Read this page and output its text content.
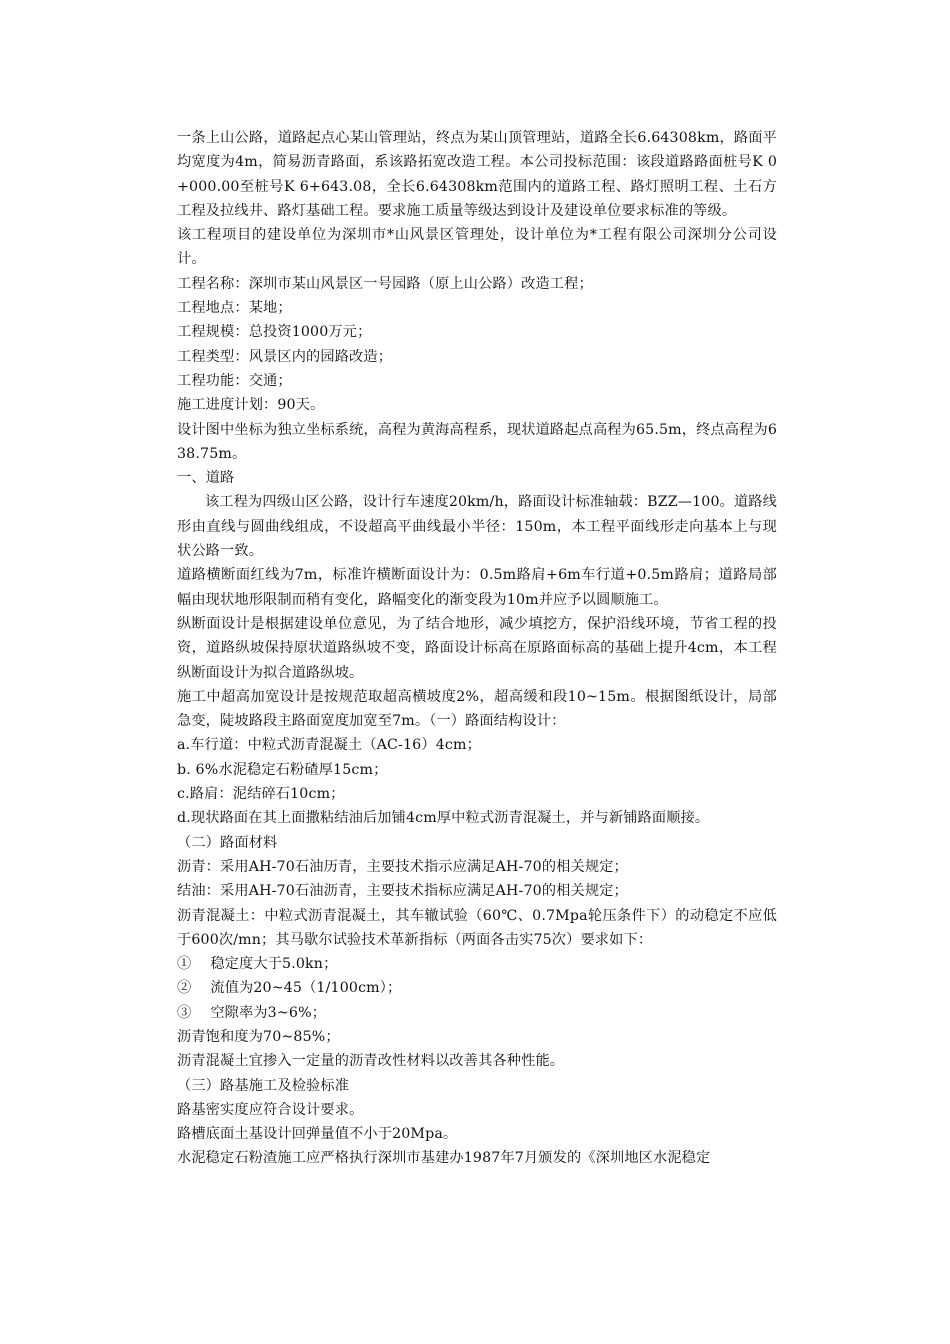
一条上山公路，道路起点心某山管理站，终点为某山顶管理站，道路全长6.64308km，路面平均宽度为4m，简易沥青路面，系该路拓宽改造工程。本公司投标范围：该段道路路面桩号K 0+000.00至桩号K 6+643.08，全长6.64308km范围内的道路工程、路灯照明工程、土石方工程及拉线井、路灯基础工程。要求施工质量等级达到设计及建设单位要求标准的等级。

该工程项目的建设单位为深圳市*山风景区管理处，设计单位为*工程有限公司深圳分公司设计。

工程名称：深圳市某山风景区一号园路（原上山公路）改造工程；

工程地点：某地；

工程规模：总投资1000万元；

工程类型：风景区内的园路改造；

工程功能：交通；

施工进度计划：90天。

设计图中坐标为独立坐标系统，高程为黄海高程系，现状道路起点高程为65.5m，终点高程为638.75m。

一、道路

该工程为四级山区公路，设计行车速度20km/h，路面设计标准轴载：BZZ—100。道路线形由直线与圆曲线组成，不设超高平曲线最小半径：150m，本工程平面线形走向基本上与现状公路一致。

道路横断面红线为7m，标准许横断面设计为：0.5m路肩+6m车行道+0.5m路肩；道路局部幅由现状地形限制而稍有变化，路幅变化的渐变段为10m并应予以圆顺施工。

纵断面设计是根据建设单位意见，为了结合地形，减少填挖方，保护沿线环境，节省工程的投资，道路纵坡保持原状道路纵坡不变，路面设计标高在原路面标高的基础上提升4cm，本工程纵断面设计为拟合道路纵坡。

施工中超高加宽设计是按规范取超高横坡度2%，超高缓和段10~15m。根据图纸设计，局部急变，陡坡路段主路面宽度加宽至7m。（一）路面结构设计：

a.车行道：中粒式沥青混凝土（AC-16）4cm；

b. 6%水泥稳定石粉碴厚15cm；

c.路肩：泥结碎石10cm；

d.现状路面在其上面撒粘结油后加铺4cm厚中粒式沥青混凝土，并与新铺路面顺接。

（二）路面材料

沥青：采用AH-70石油历青，主要技术指示应满足AH-70的相关规定；

结油：采用AH-70石油沥青，主要技术指标应满足AH-70的相关规定；

沥青混凝土：中粒式沥青混凝土，其车辙试验（60℃、0.7Mpa轮压条件下）的动稳定不应低于600次/mn；其马歇尔试验技术革新指标（两面各击实75次）要求如下：

①　 稳定度大于5.0kn；

②　 流值为20~45（1/100cm）；

③　 空隙率为3~6%；

沥青饱和度为70~85%；

沥青混凝土宜掺入一定量的沥青改性材料以改善其各种性能。

（三）路基施工及检验标准

路基密实度应符合设计要求。

路槽底面土基设计回弹量值不小于20Mpa。

水泥稳定石粉渣施工应严格执行深圳市基建办1987年7月颁发的《深圳地区水泥稳定
